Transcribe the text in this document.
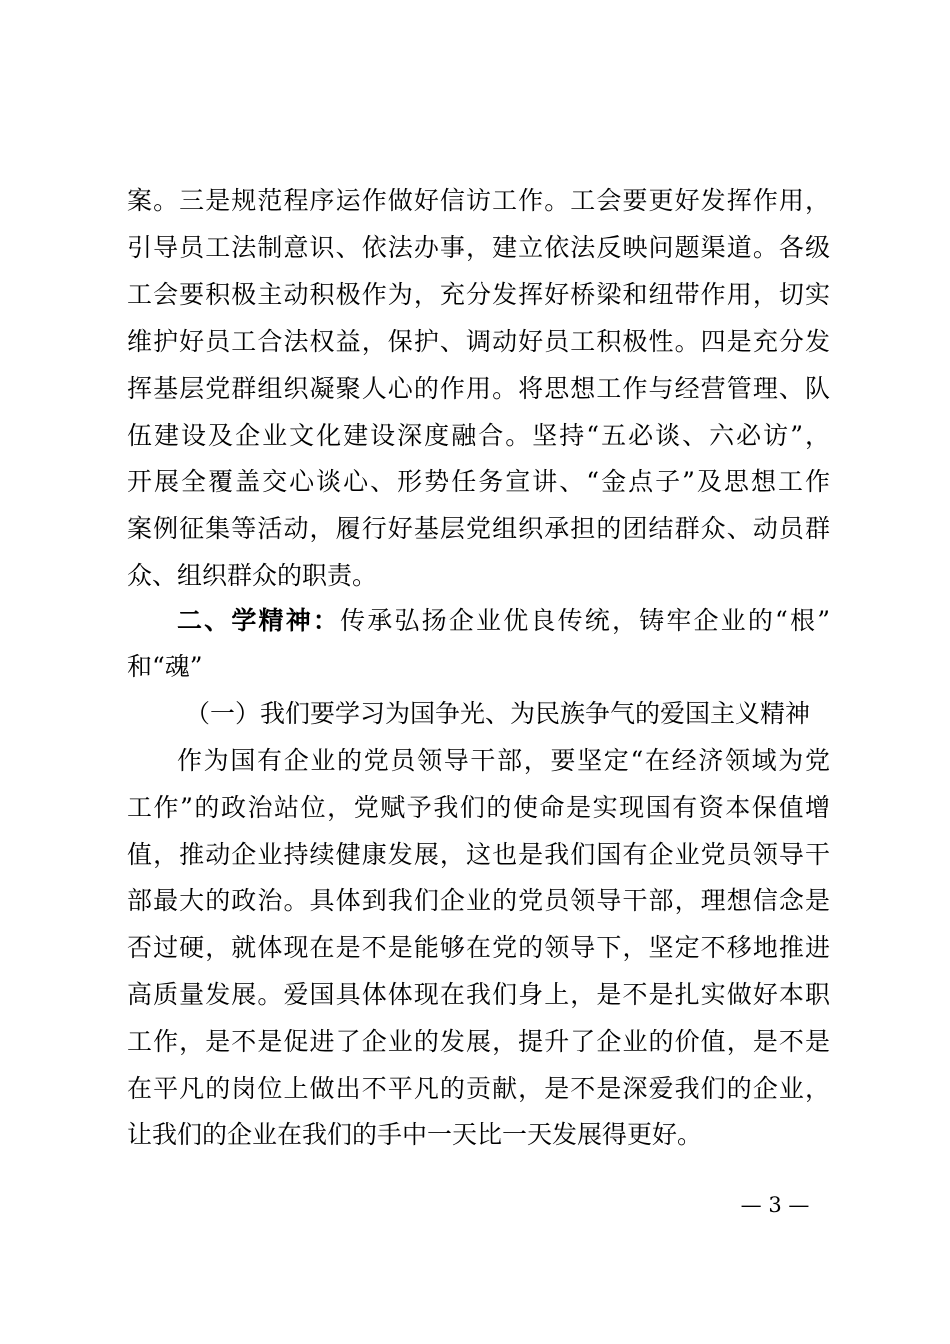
案。三是规范程序运作做好信访工作。工会要更好发挥作用，
引导员工法制意识、依法办事，建立依法反映问题渠道。各级
工会要积极主动积极作为，充分发挥好桥梁和纽带作用，切实
维护好员工合法权益，保护、调动好员工积极性。四是充分发
挥基层党群组织凝聚人心的作用。将思想工作与经营管理、队
伍建设及企业文化建设深度融合。坚持“五必谈、六必访”，
开展全覆盖交心谈心、形势任务宣讲、“金点子”及思想工作
案例征集等活动，履行好基层党组织承担的团结群众、动员群
众、组织群众的职责。
二、学精神：传承弘扬企业优良传统，铸牢企业的“根”
和“魂”
（一）我们要学习为国争光、为民族争气的爱国主义精神
作为国有企业的党员领导干部，要坚定“在经济领域为党
工作”的政治站位，党赋予我们的使命是实现国有资本保值增
值，推动企业持续健康发展，这也是我们国有企业党员领导干
部最大的政治。具体到我们企业的党员领导干部，理想信念是
否过硬，就体现在是不是能够在党的领导下，坚定不移地推进
高质量发展。爱国具体体现在我们身上，是不是扎实做好本职
工作，是不是促进了企业的发展，提升了企业的价值，是不是
在平凡的岗位上做出不平凡的贡献，是不是深爱我们的企业，
让我们的企业在我们的手中一天比一天发展得更好。
— 3 —
